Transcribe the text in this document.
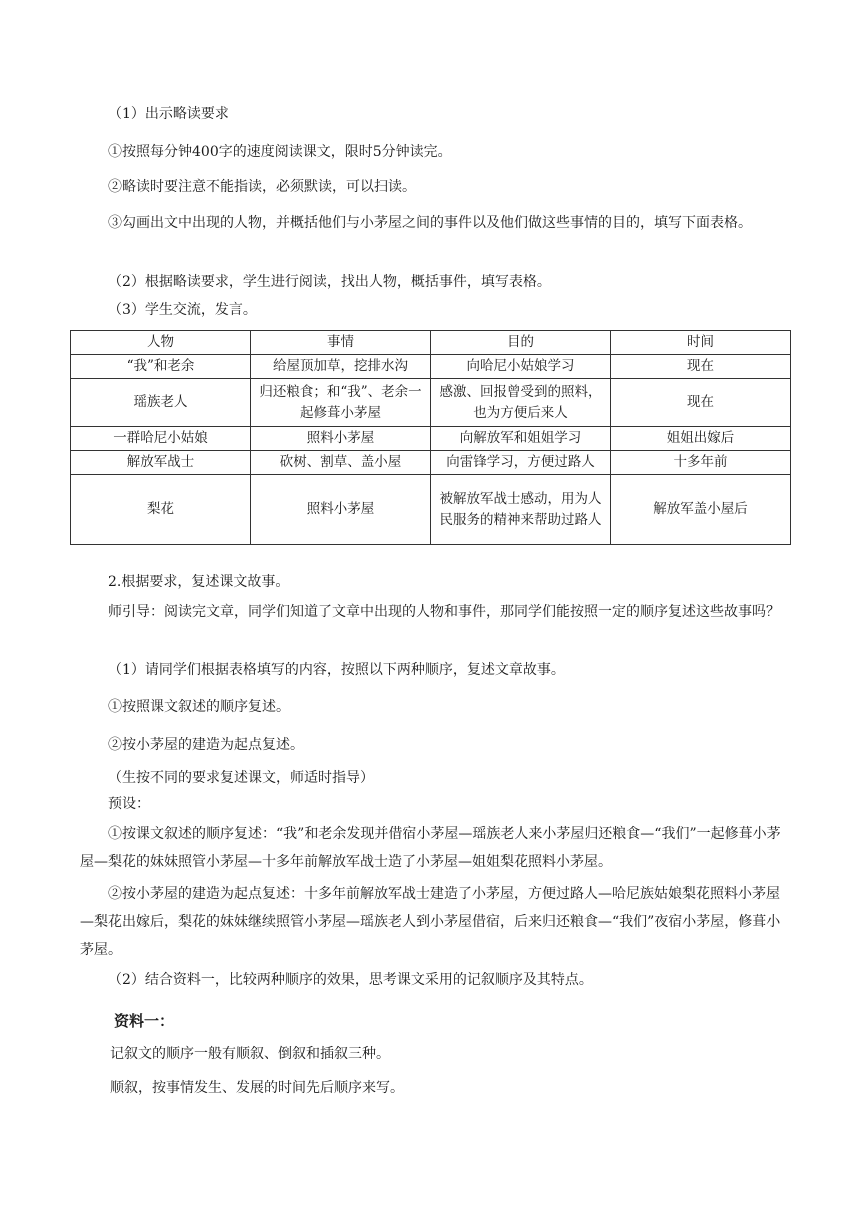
（1）出示略读要求

①按照每分钟400字的速度阅读课文，限时5分钟读完。

②略读时要注意不能指读，必须默读，可以扫读。

③勾画出文中出现的人物，并概括他们与小茅屋之间的事件以及他们做这些事情的目的，填写下面表格。

（2）根据略读要求，学生进行阅读，找出人物，概括事件，填写表格。

（3）学生交流，发言。

人物	事情	目的	时间
“我”和老余	给屋顶加草，挖排水沟	向哈尼小姑娘学习	现在
瑶族老人	归还粮食；和“我”、老余一起修葺小茅屋	感激、回报曾受到的照料，也为方便后来人	现在
一群哈尼小姑娘	照料小茅屋	向解放军和姐姐学习	姐姐出嫁后
解放军战士	砍树、割草、盖小屋	向雷锋学习，方便过路人	十多年前
梨花	照料小茅屋	被解放军战士感动，用为人民服务的精神来帮助过路人	解放军盖小屋后

2.根据要求，复述课文故事。

师引导：阅读完文章，同学们知道了文章中出现的人物和事件，那同学们能按照一定的顺序复述这些故事吗？

（1）请同学们根据表格填写的内容，按照以下两种顺序，复述文章故事。

①按照课文叙述的顺序复述。

②按小茅屋的建造为起点复述。

（生按不同的要求复述课文，师适时指导）

预设：

①按课文叙述的顺序复述：“我”和老余发现并借宿小茅屋—瑶族老人来小茅屋归还粮食—“我们”一起修葺小茅屋—梨花的妹妹照管小茅屋—十多年前解放军战士造了小茅屋—姐姐梨花照料小茅屋。

②按小茅屋的建造为起点复述：十多年前解放军战士建造了小茅屋，方便过路人—哈尼族姑娘梨花照料小茅屋—梨花出嫁后，梨花的妹妹继续照管小茅屋—瑶族老人到小茅屋借宿，后来归还粮食—“我们”夜宿小茅屋，修葺小茅屋。

（2）结合资料一，比较两种顺序的效果，思考课文采用的记叙顺序及其特点。

资料一：

记叙文的顺序一般有顺叙、倒叙和插叙三种。

顺叙，按事情发生、发展的时间先后顺序来写。
